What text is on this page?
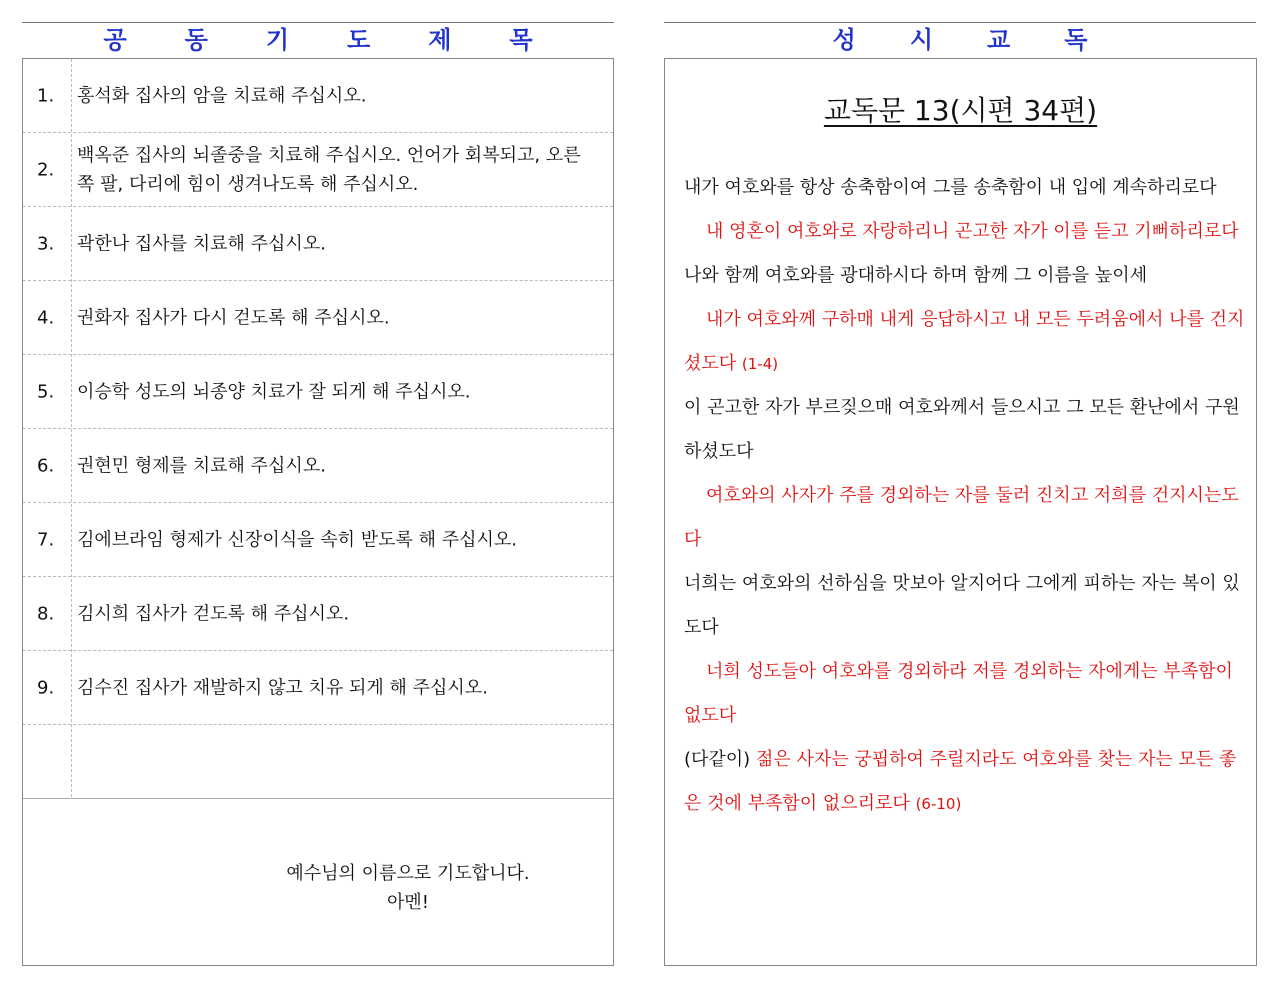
공 동 기 도 제 목
1. 홍석화 집사의 암을 치료해 주십시오.
2.
백옥준 집사의 뇌졸중을 치료해 주십시오. 언어가 회복되고, 오른쪽 팔, 다리에 힘이 생겨나도록 해 주십시오.
3. 곽한나 집사를 치료해 주십시오.
4. 권화자 집사가 다시 걷도록 해 주십시오.
5. 이승학 성도의 뇌종양 치료가 잘 되게 해 주십시오.
6. 권현민 형제를 치료해 주십시오.
7. 김에브라임 형제가 신장이식을 속히 받도록 해 주십시오.
8. 김시희 집사가 걷도록 해 주십시오.
9. 김수진 집사가 재발하지 않고 치유 되게 해 주십시오.
예수님의 이름으로 기도합니다.
아멘!
성 시 교 독
교독문 13(시편 34편)

내가 여호와를 항상 송축함이여 그를 송축함이 내 입에 계속하리로다

내 영혼이 여호와로 자랑하리니 곤고한 자가 이를 듣고 기뻐하리로다

나와 함께 여호와를 광대하시다 하며 함께 그 이름을 높이세

내가 여호와께 구하매 내게 응답하시고 내 모든 두려움에서 나를 건지셨도다 (1-4)

이 곤고한 자가 부르짖으매 여호와께서 들으시고 그 모든 환난에서 구원하셨도다

여호와의 사자가 주를 경외하는 자를 둘러 진치고 저희를 건지시는도다

너희는 여호와의 선하심을 맛보아 알지어다 그에게 피하는 자는 복이 있도다

너희 성도들아 여호와를 경외하라 저를 경외하는 자에게는 부족함이 없도다

(다같이) 젊은 사자는 궁핍하여 주릴지라도 여호와를 찾는 자는 모든 좋은 것에 부족함이 없으리로다 (6-10)
